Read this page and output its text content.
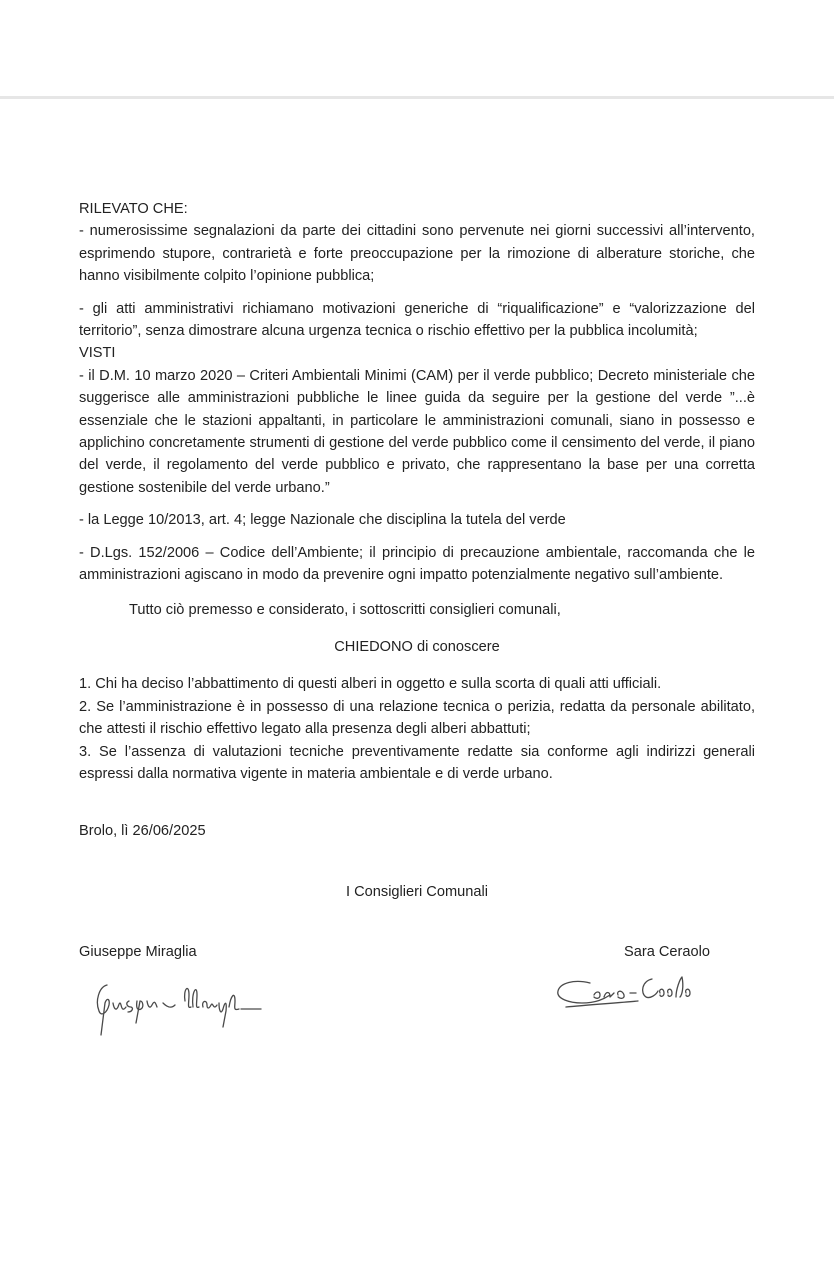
RILEVATO CHE:

- numerosissime segnalazioni da parte dei cittadini sono pervenute nei giorni successivi all’intervento, esprimendo stupore, contrarietà e forte preoccupazione per la rimozione di alberature storiche, che hanno visibilmente colpito l’opinione pubblica;

- gli atti amministrativi richiamano motivazioni generiche di “riqualificazione” e “valorizzazione del territorio”, senza dimostrare alcuna urgenza tecnica o rischio effettivo per la pubblica incolumità;

VISTI

- il D.M. 10 marzo 2020 – Criteri Ambientali Minimi (CAM) per il verde pubblico; Decreto ministeriale che suggerisce alle amministrazioni pubbliche le linee guida da seguire per la gestione del verde ”...è essenziale che le stazioni appaltanti, in particolare le amministrazioni comunali, siano in possesso e applichino concretamente strumenti di gestione del verde pubblico come il censimento del verde, il piano del verde, il regolamento del verde pubblico e privato, che rappresentano la base per una corretta gestione sostenibile del verde urbano.”

- la Legge 10/2013, art. 4; legge Nazionale che disciplina la tutela del verde

- D.Lgs. 152/2006 – Codice dell’Ambiente; il principio di precauzione ambientale, raccomanda che le amministrazioni agiscano in modo da prevenire ogni impatto potenzialmente negativo sull’ambiente.

Tutto ciò premesso e considerato, i sottoscritti consiglieri comunali,

CHIEDONO di conoscere

1. Chi ha deciso l’abbattimento di questi alberi in oggetto e sulla scorta di quali atti ufficiali.

2. Se l’amministrazione è in possesso di una relazione tecnica o perizia, redatta da personale abilitato, che attesti il rischio effettivo legato alla presenza degli alberi abbattuti;

3. Se l’assenza di valutazioni tecniche preventivamente redatte sia conforme agli indirizzi generali espressi dalla normativa vigente in materia ambientale e di verde urbano.

Brolo, lì 26/06/2025

I Consiglieri Comunali

Giuseppe Miraglia	Sara Ceraolo
